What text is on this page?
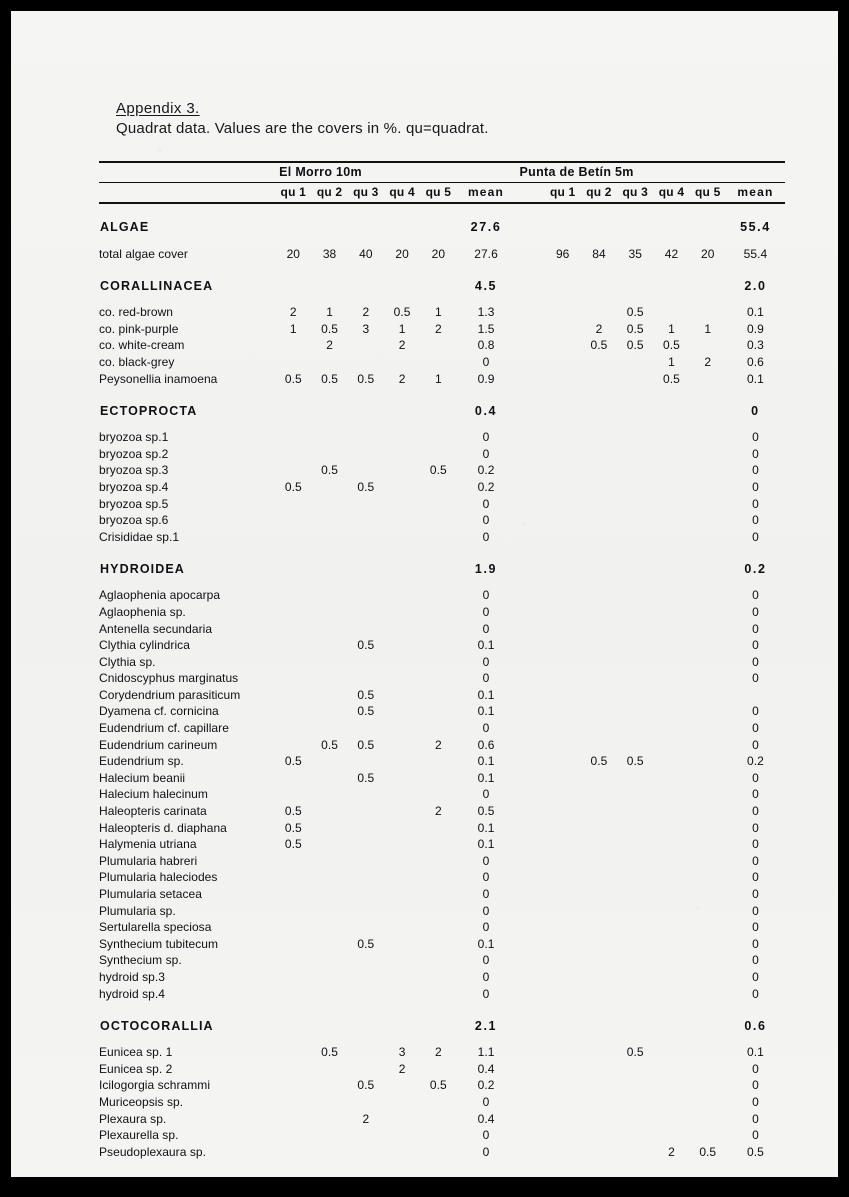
Appendix 3.
Quadrat data. Values are the covers in %. qu=quadrat.

	El Morro 10m						Punta de Betín 5m						

	qu 1	qu 2	qu 3	qu 4	qu 5	mean		qu 1	qu 2	qu 3	qu 4	qu 5	mean

ALGAE						27.6							55.4

total algae cover	20	38	40	20	20	27.6		96	84	35	42	20	55.4
CORALLINACEA						4.5							2.0

co. red-brown	2	1	2	0.5	1	1.3				0.5			0.1
co. pink-purple	1	0.5	3	1	2	1.5			2	0.5	1	1	0.9
co. white-cream		2		2		0.8			0.5	0.5	0.5		0.3
co. black-grey						0					1	2	0.6
Peysonellia inamoena	0.5	0.5	0.5	2	1	0.9					0.5		0.1
ECTOPROCTA						0.4							0

bryozoa sp.1						0							0
bryozoa sp.2						0							0
bryozoa sp.3		0.5			0.5	0.2							0
bryozoa sp.4	0.5		0.5			0.2							0
bryozoa sp.5						0							0
bryozoa sp.6						0							0
Crisididae sp.1						0							0
HYDROIDEA						1.9							0.2

Aglaophenia apocarpa						0							0
Aglaophenia sp.						0							0
Antenella secundaria						0							0
Clythia cylindrica			0.5			0.1							0
Clythia sp.						0							0
Cnidoscyphus marginatus						0							0
Corydendrium parasiticum			0.5			0.1							
Dyamena cf. cornicina			0.5			0.1							0
Eudendrium cf. capillare						0							0
Eudendrium carineum		0.5	0.5		2	0.6							0
Eudendrium sp.	0.5					0.1			0.5	0.5			0.2
Halecium beanii			0.5			0.1							0
Halecium halecinum						0							0
Haleopteris carinata	0.5				2	0.5							0
Haleopteris d. diaphana	0.5					0.1							0
Halymenia utriana	0.5					0.1							0
Plumularia habreri						0							0
Plumularia haleciodes						0							0
Plumularia setacea						0							0
Plumularia sp.						0							0
Sertularella speciosa						0							0
Synthecium tubitecum			0.5			0.1							0
Synthecium sp.						0							0
hydroid sp.3						0							0
hydroid sp.4						0							0
OCTOCORALLIA						2.1							0.6

Eunicea sp. 1		0.5		3	2	1.1				0.5			0.1
Eunicea sp. 2				2		0.4							0
Icilogorgia schrammi			0.5		0.5	0.2							0
Muriceopsis sp.						0							0
Plexaura sp.			2			0.4							0
Plexaurella sp.						0							0
Pseudoplexaura sp.						0					2	0.5	0.5
